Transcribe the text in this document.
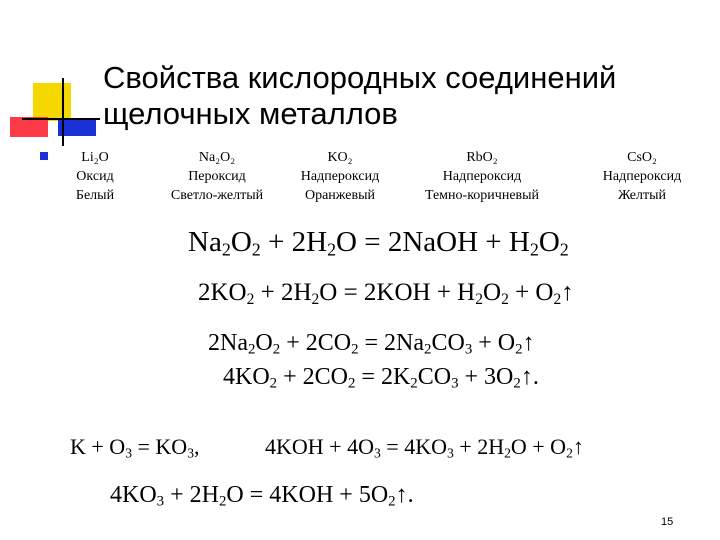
Свойства кислородных соединений
щелочных металлов
Li₂O
Оксид
Белый
Na₂O₂
Пероксид
Светло-желтый
KO₂
Надпероксид
Оранжевый
RbO₂
Надпероксид
Темно-коричневый
CsO₂
Надпероксид
Желтый
$Na_2O_2 + 2H_2O$ = 2NaOH + $H_2O_2$
$2KO_2 + 2H_2O = 2KOH + H_2O_2$ + $O_2↑$
$2Na_2O_2 + 2CO_2 = 2Na_2CO_3$ + $O_2↑$
$4KO_2 + 2CO_2 = 2K_2CO_3$ + $3O_2↑$.
$K + O_3 = KO_3$,	$4KOH + 4O_3 = 4KO_3 + 2H_2O$ + $O_2↑$
$4KO_3 + 2H_2O = 4KOH$ + $5O_2↑$.
15
